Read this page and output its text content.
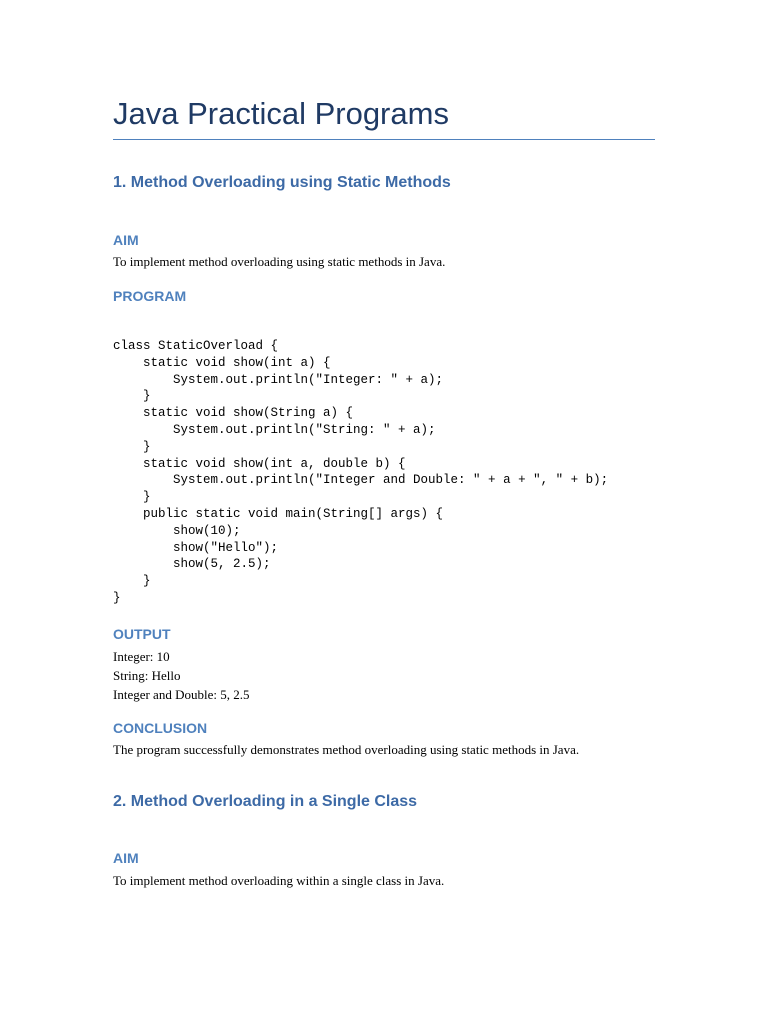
Java Practical Programs
1. Method Overloading using Static Methods
AIM

To implement method overloading using static methods in Java.

PROGRAM
class StaticOverload {
static void show(int a) {
System.out.println("Integer: " + a);
}
static void show(String a) {
System.out.println("String: " + a);
}
static void show(int a, double b) {
System.out.println("Integer and Double: " + a + ", " + b);
}
public static void main(String[] args) {
show(10);
show("Hello");
show(5, 2.5);
}
}
OUTPUT
Integer: 10
String: Hello
Integer and Double: 5, 2.5
CONCLUSION

The program successfully demonstrates method overloading using static methods in Java.

2. Method Overloading in a Single Class
AIM

To implement method overloading within a single class in Java.
